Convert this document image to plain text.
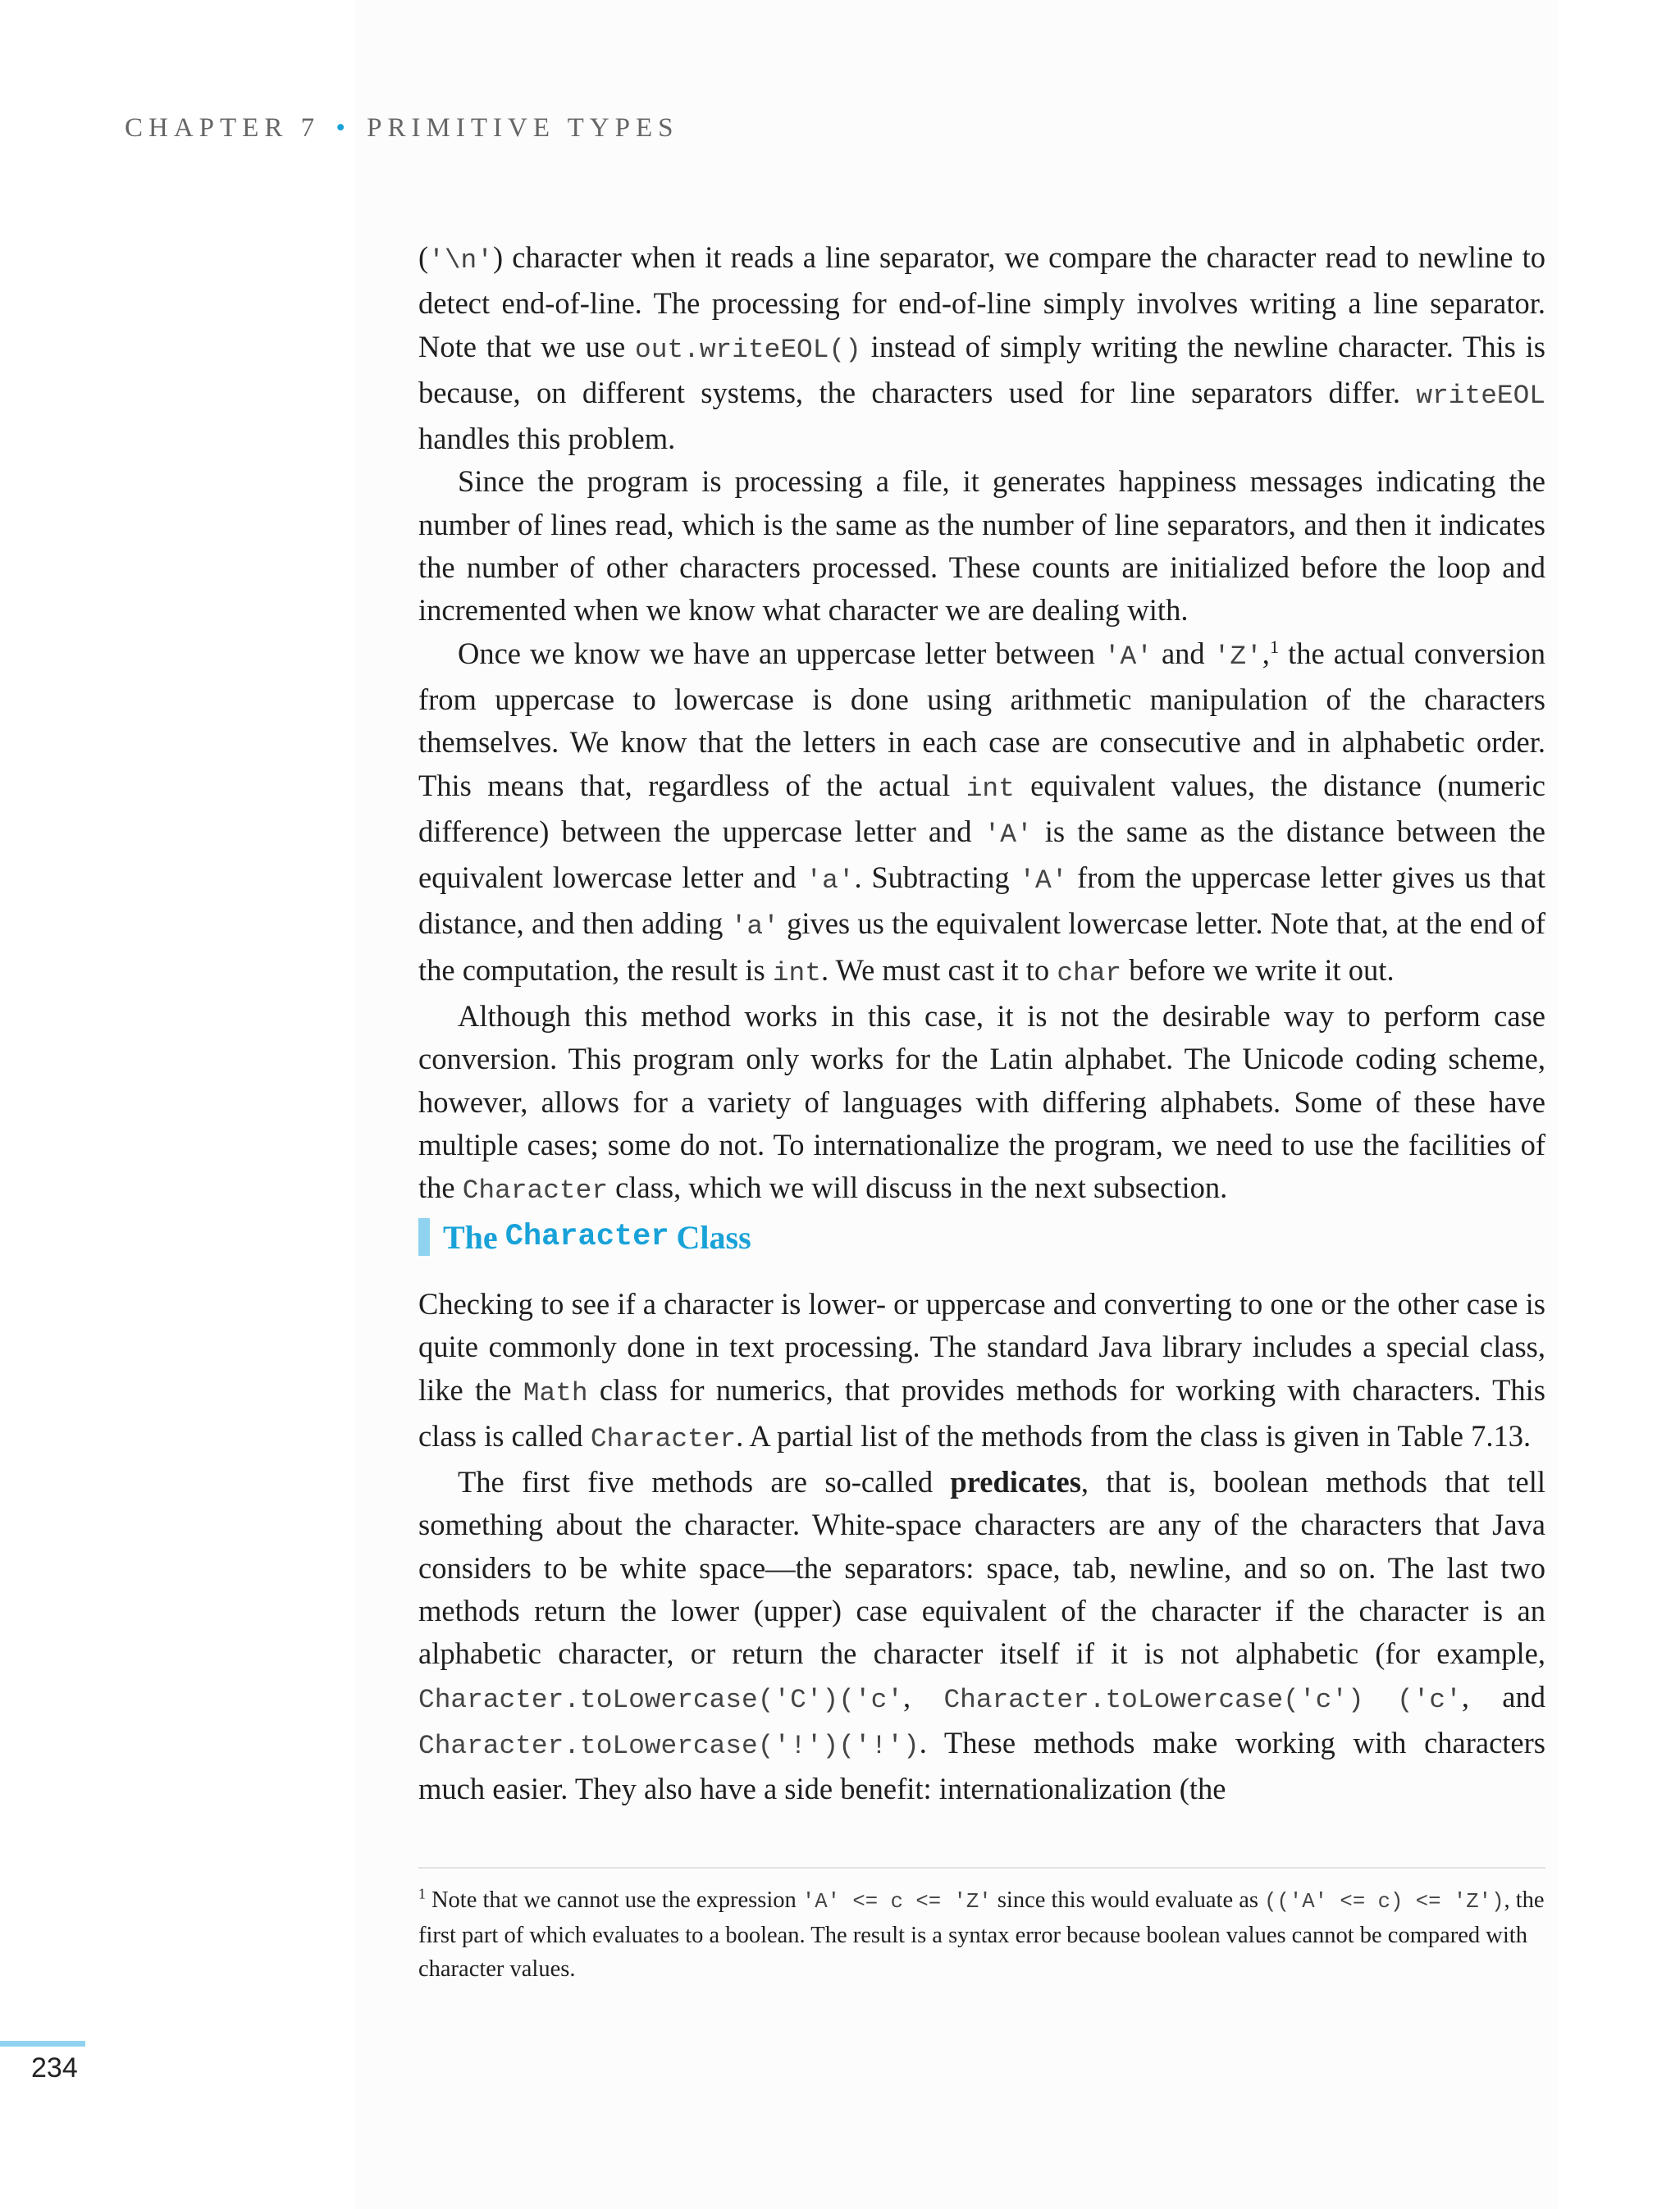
CHAPTER 7 • PRIMITIVE TYPES

('\n') character when it reads a line separator, we compare the character read to newline to detect end-of-line. The processing for end-of-line simply involves writing a line separator. Note that we use out.writeEOL() instead of simply writing the newline character. This is because, on different systems, the characters used for line separators differ. writeEOL handles this problem.

Since the program is processing a file, it generates happiness messages indicating the number of lines read, which is the same as the number of line separators, and then it indicates the number of other characters processed. These counts are initialized before the loop and incremented when we know what character we are dealing with.

Once we know we have an uppercase letter between 'A' and 'Z',$^1$ the actual conversion from uppercase to lowercase is done using arithmetic manipulation of the characters themselves. We know that the letters in each case are consecutive and in alphabetic order. This means that, regardless of the actual int equivalent values, the distance (numeric difference) between the uppercase letter and 'A' is the same as the distance between the equivalent lowercase letter and 'a'. Subtracting 'A' from the uppercase letter gives us that distance, and then adding 'a' gives us the equivalent lowercase letter. Note that, at the end of the computation, the result is int. We must cast it to char before we write it out.

Although this method works in this case, it is not the desirable way to perform case conversion. This program only works for the Latin alphabet. The Unicode coding scheme, however, allows for a variety of languages with differing alphabets. Some of these have multiple cases; some do not. To internationalize the program, we need to use the facilities of the Character class, which we will discuss in the next subsection.

The Character Class

Checking to see if a character is lower- or uppercase and converting to one or the other case is quite commonly done in text processing. The standard Java library includes a special class, like the Math class for numerics, that provides methods for working with characters. This class is called Character. A partial list of the methods from the class is given in Table 7.13.

The first five methods are so-called predicates, that is, boolean methods that tell something about the character. White-space characters are any of the characters that Java considers to be white space—the separators: space, tab, newline, and so on. The last two methods return the lower (upper) case equivalent of the character if the character is an alphabetic character, or return the character itself if it is not alphabetic (for example, Character.toLowercase('C')('c', Character.toLowercase('c') ('c', and Character.toLowercase('!')('!'). These methods make working with characters much easier. They also have a side benefit: internationalization (the

$^1$ Note that we cannot use the expression 'A' <= c <= 'Z' since this would evaluate as (('A' <= c) <= 'Z'), the first part of which evaluates to a boolean. The result is a syntax error because boolean values cannot be compared with character values.

234
